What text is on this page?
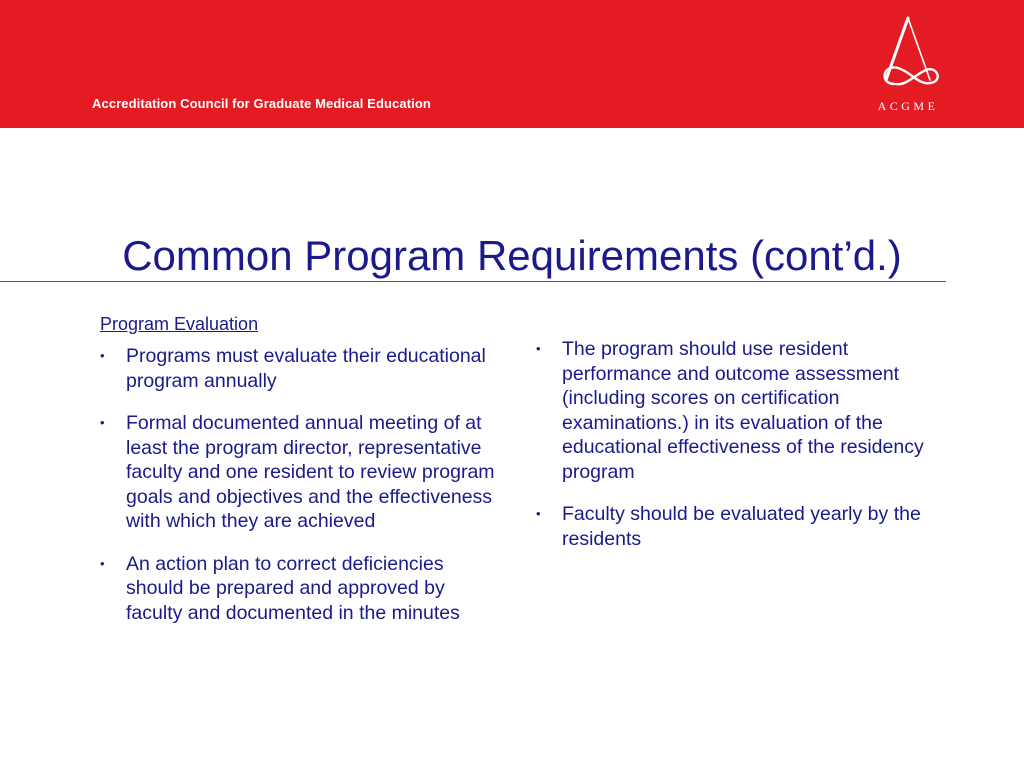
Accreditation Council for Graduate Medical Education	ACGME
Common Program Requirements (cont’d.)
Program Evaluation
• Programs must evaluate their educational program annually
• Formal documented annual meeting of at least the program director, representative faculty and one resident to review program goals and objectives and the effectiveness with which they are achieved
• An action plan to correct deficiencies should be prepared and approved by faculty and documented in the minutes
• The program should use resident performance and outcome assessment (including scores on certification examinations.) in its evaluation of the educational effectiveness of the residency program
• Faculty should be evaluated yearly by the residents
